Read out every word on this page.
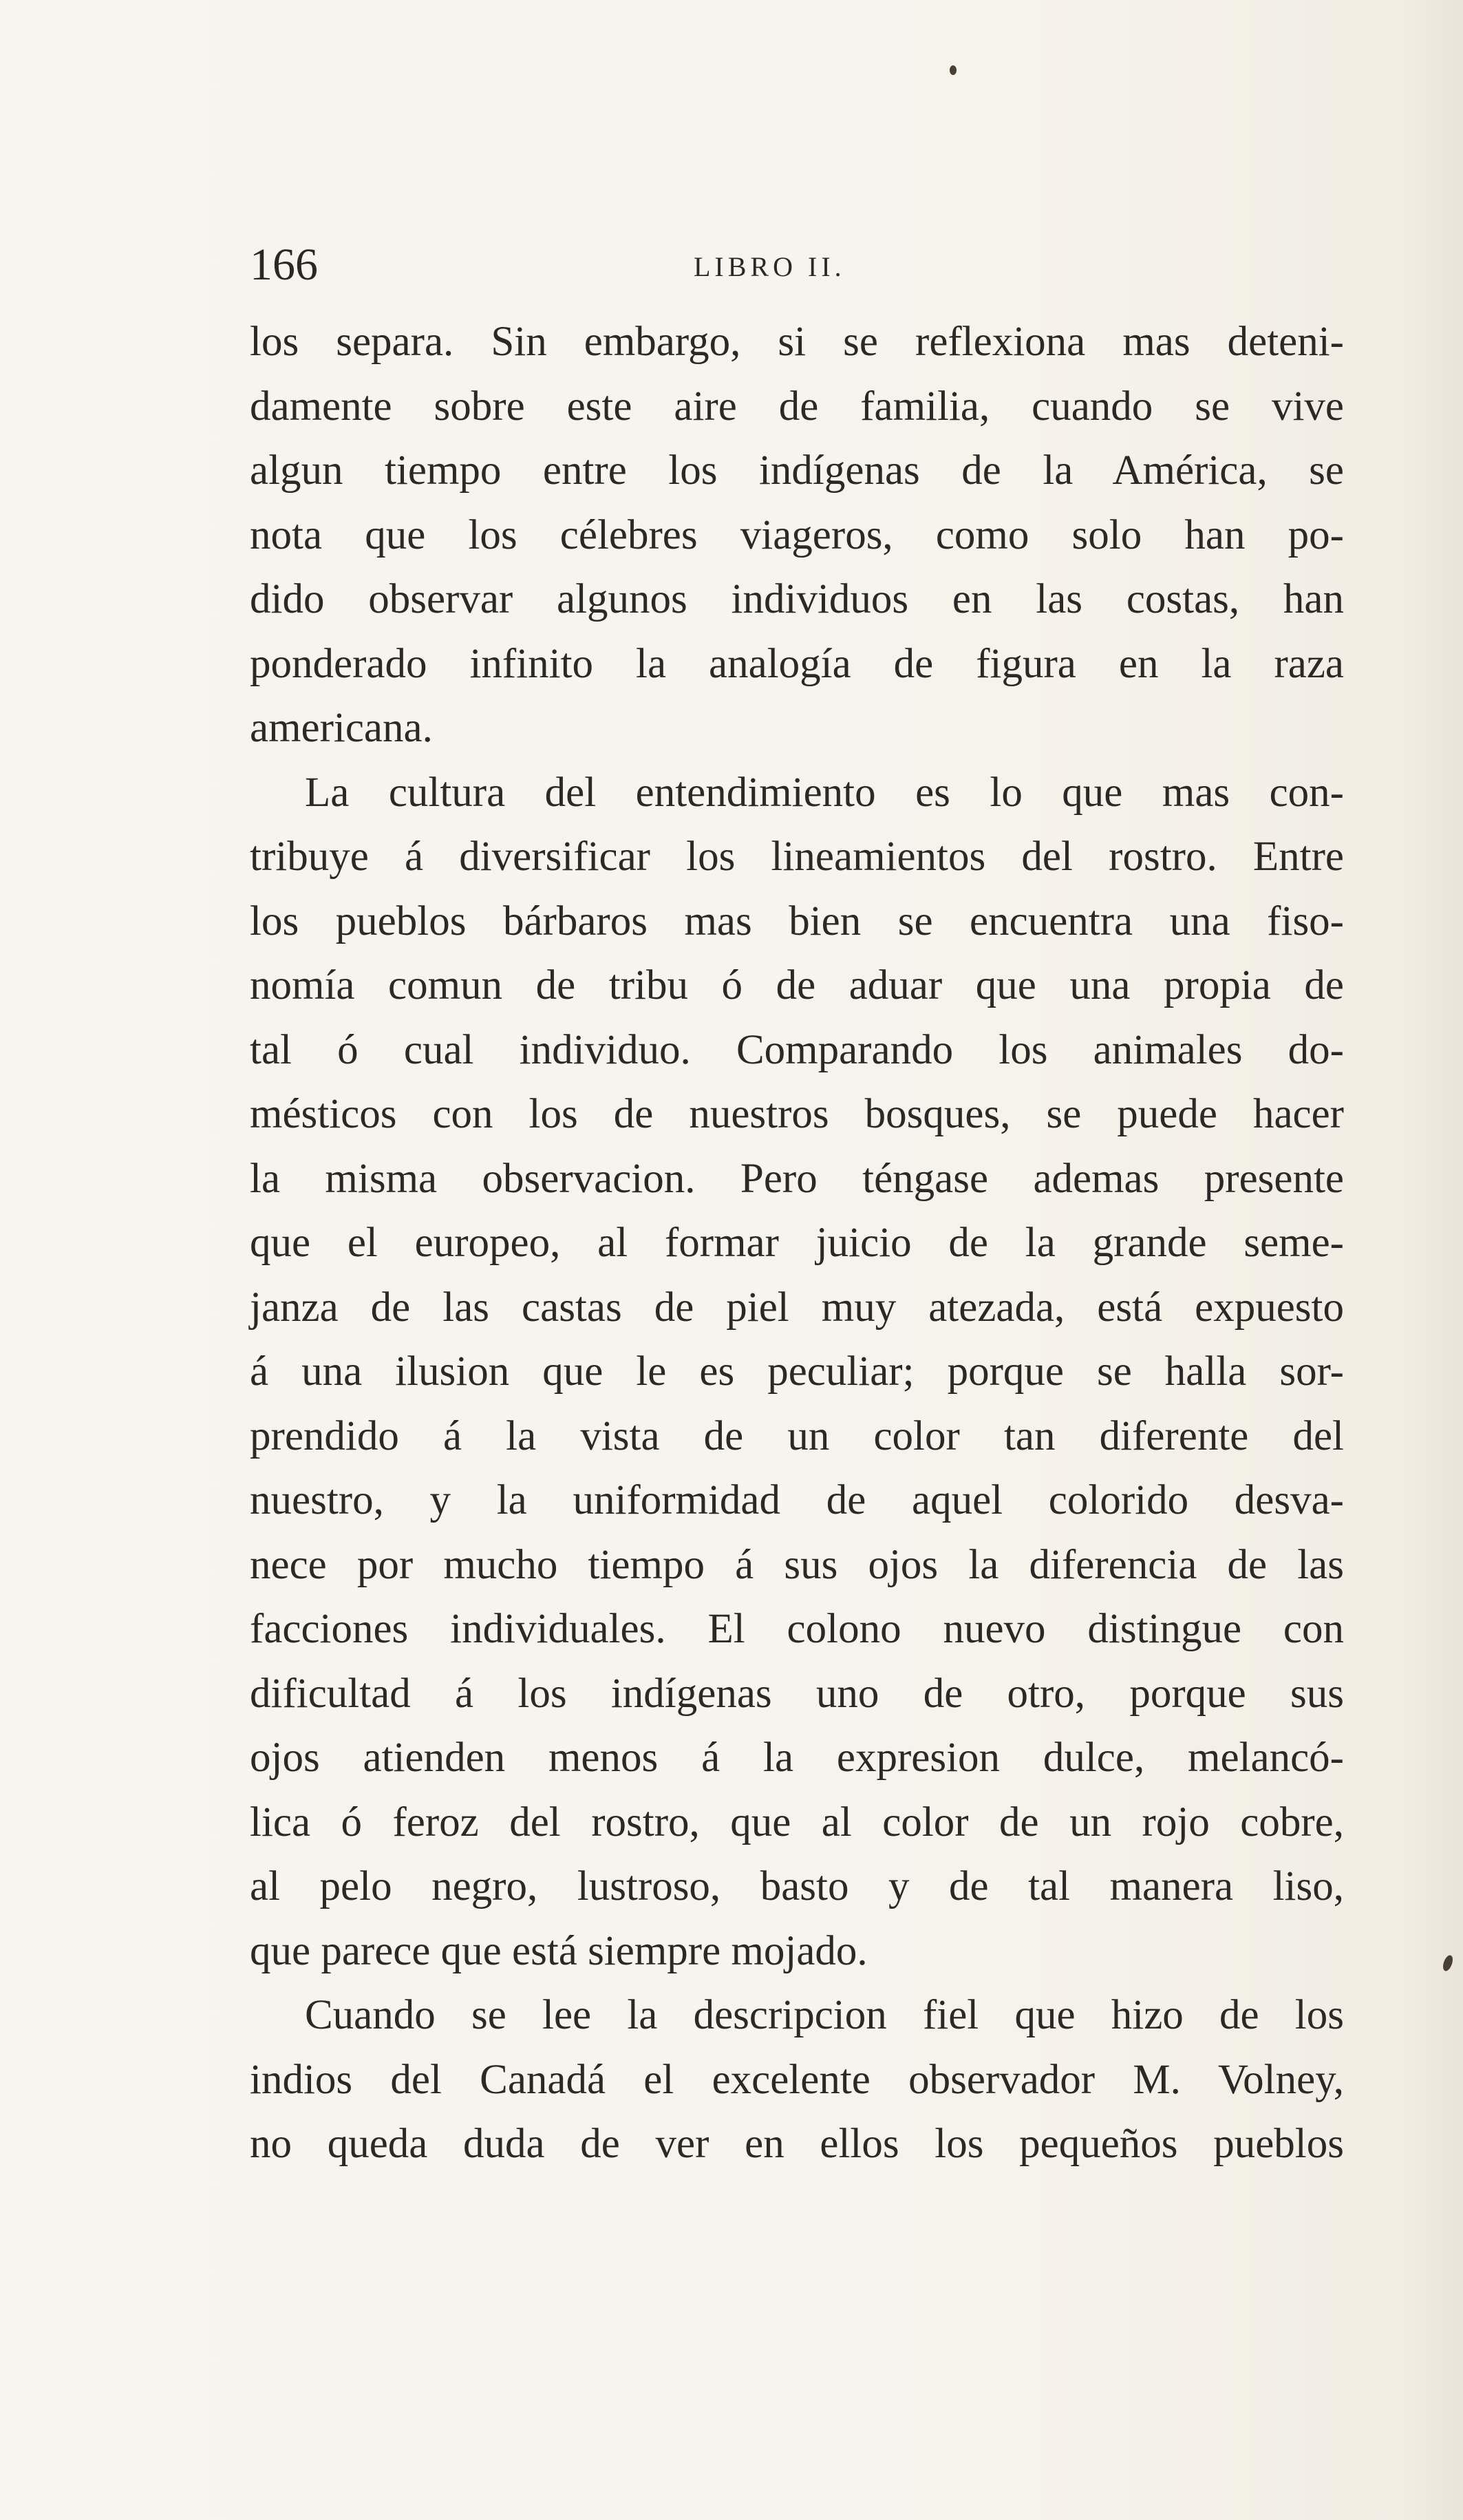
166	LIBRO II.
los separa. Sin embargo, si se reflexiona mas deteni-
damente sobre este aire de familia, cuando se vive
algun tiempo entre los indígenas de la América, se
nota que los célebres viageros, como solo han po-
dido observar algunos individuos en las costas, han
ponderado infinito la analogía de figura en la raza
americana.
La cultura del entendimiento es lo que mas con-
tribuye á diversificar los lineamientos del rostro. Entre
los pueblos bárbaros mas bien se encuentra una fiso-
nomía comun de tribu ó de aduar que una propia de
tal ó cual individuo. Comparando los animales do-
mésticos con los de nuestros bosques, se puede hacer
la misma observacion. Pero téngase ademas presente
que el europeo, al formar juicio de la grande seme-
janza de las castas de piel muy atezada, está expuesto
á una ilusion que le es peculiar; porque se halla sor-
prendido á la vista de un color tan diferente del
nuestro, y la uniformidad de aquel colorido desva-
nece por mucho tiempo á sus ojos la diferencia de las
facciones individuales. El colono nuevo distingue con
dificultad á los indígenas uno de otro, porque sus
ojos atienden menos á la expresion dulce, melancó-
lica ó feroz del rostro, que al color de un rojo cobre,
al pelo negro, lustroso, basto y de tal manera liso,
que parece que está siempre mojado.
Cuando se lee la descripcion fiel que hizo de los
indios del Canadá el excelente observador M. Volney,
no queda duda de ver en ellos los pequeños pueblos
